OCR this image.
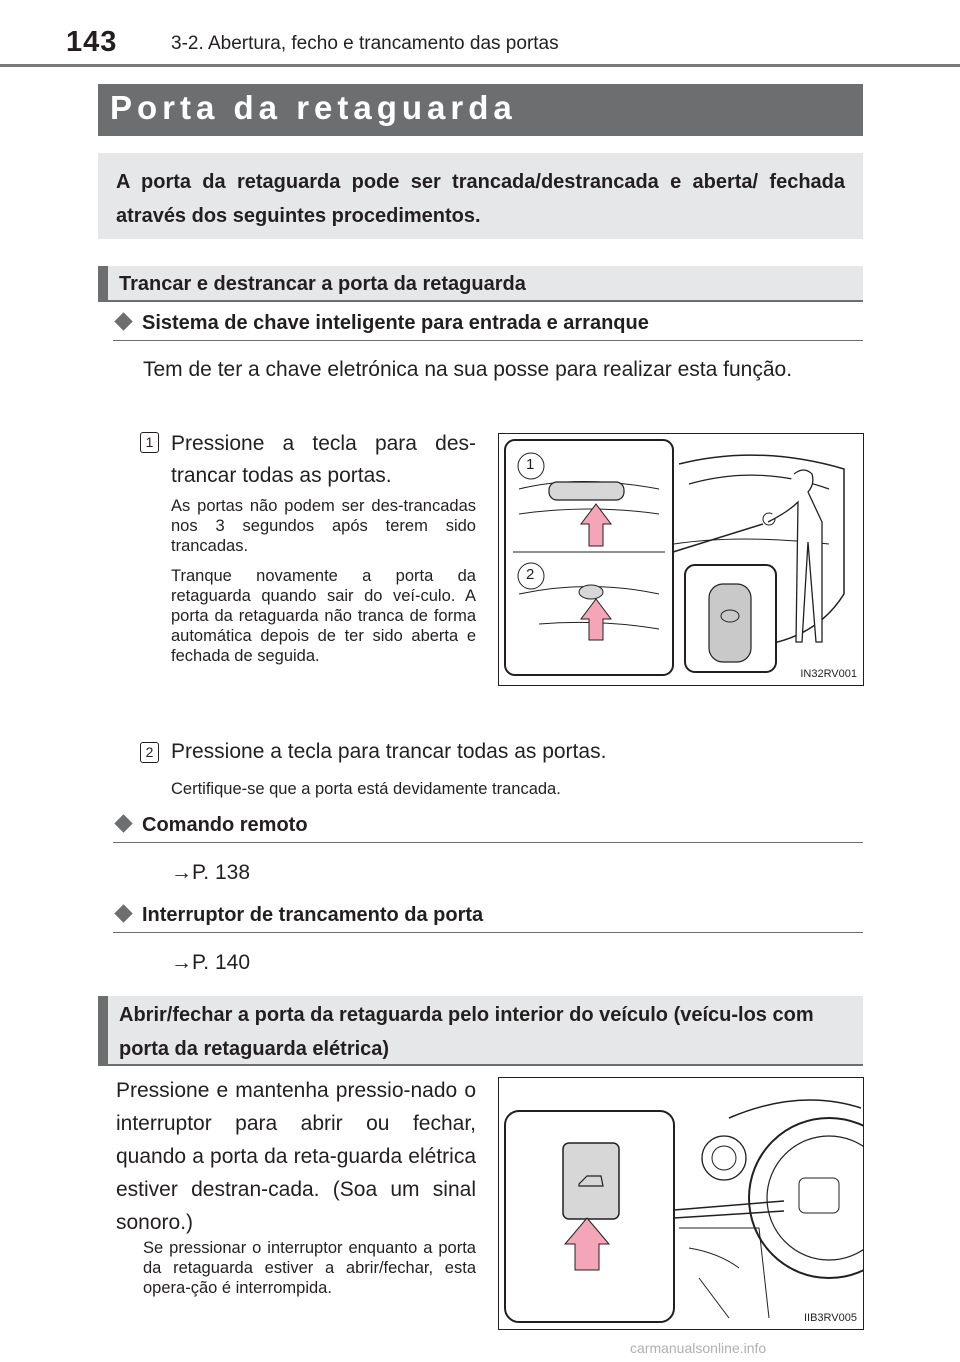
143	3-2. Abertura, fecho e trancamento das portas
Porta da retaguarda
A porta da retaguarda pode ser trancada/destrancada e aberta/ fechada através dos seguintes procedimentos.
Trancar e destrancar a porta da retaguarda
Sistema de chave inteligente para entrada e arranque
Tem de ter a chave eletrónica na sua posse para realizar esta função.
1 Pressione a tecla para des-trancar todas as portas.
As portas não podem ser des-trancadas nos 3 segundos após terem sido trancadas.
Tranque novamente a porta da retaguarda quando sair do veí-culo. A porta da retaguarda não tranca de forma automática depois de ter sido aberta e fechada de seguida.
1
2
IN32RV001
2 Pressione a tecla para trancar todas as portas.
Certifique-se que a porta está devidamente trancada.
Comando remoto
→P. 138
Interruptor de trancamento da porta
→P. 140
Abrir/fechar a porta da retaguarda pelo interior do veículo (veícu-los com porta da retaguarda elétrica)
Pressione e mantenha pressio-nado o interruptor para abrir ou fechar, quando a porta da reta-guarda elétrica estiver destran-cada. (Soa um sinal sonoro.)
Se pressionar o interruptor enquanto a porta da retaguarda estiver a abrir/fechar, esta opera-ção é interrompida.
IIB3RV005
carmanualsonline.info
